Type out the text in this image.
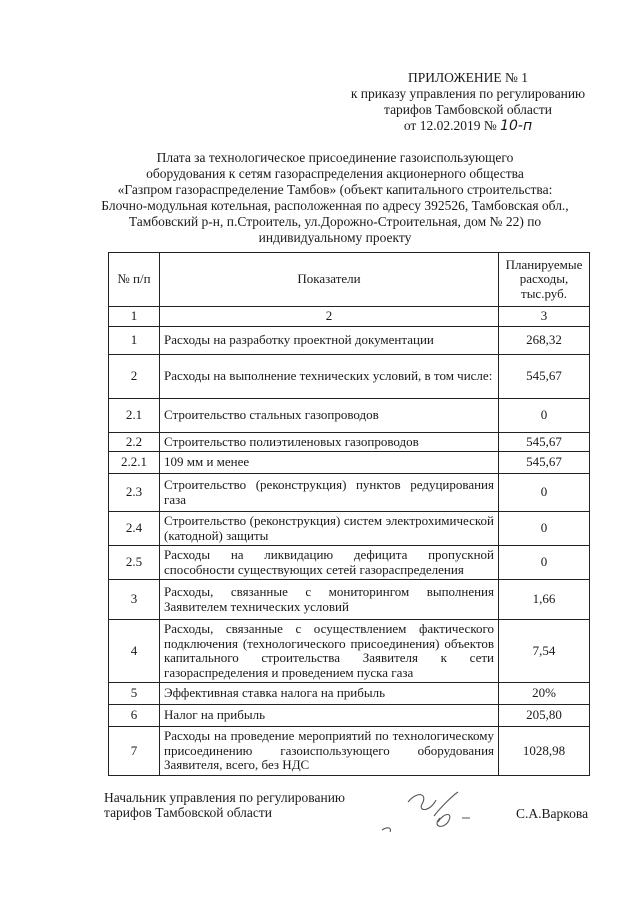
ПРИЛОЖЕНИЕ № 1
к приказу управления по регулированию
тарифов Тамбовской области
от 12.02.2019 № 10-п
Плата за технологическое присоединение газоиспользующего
оборудования к сетям газораспределения акционерного общества
«Газпром газораспределение Тамбов» (объект капитального строительства:
Блочно-модульная котельная, расположенная по адресу 392526, Тамбовская обл.,
Тамбовский р-н, п.Строитель, ул.Дорожно-Строительная, дом № 22) по
индивидуальному проекту
№ п/п	Показатели	Планируемые расходы, тыс.руб.
1	2	3
1	Расходы на разработку проектной документации	268,32
2	Расходы на выполнение технических условий, в том числе:	545,67
2.1	Строительство стальных газопроводов	0
2.2	Строительство полиэтиленовых газопроводов	545,67
2.2.1	109 мм и менее	545,67
2.3	Строительство (реконструкция) пунктов редуцирования газа	0
2.4	Строительство (реконструкция) систем электрохимической (катодной) защиты	0
2.5	Расходы на ликвидацию дефицита пропускной способности существующих сетей газораспределения	0
3	Расходы, связанные с мониторингом выполнения Заявителем технических условий	1,66
4	Расходы, связанные с осуществлением фактического подключения (технологического присоединения) объектов капитального строительства Заявителя к сети газораспределения и проведением пуска газа	7,54
5	Эффективная ставка налога на прибыль	20%
6	Налог на прибыль	205,80
7	Расходы на проведение мероприятий по технологическому присоединению газоиспользующего оборудования Заявителя, всего, без НДС	1028,98
Начальник управления по регулированию
тарифов Тамбовской области	С.А.Варкова
